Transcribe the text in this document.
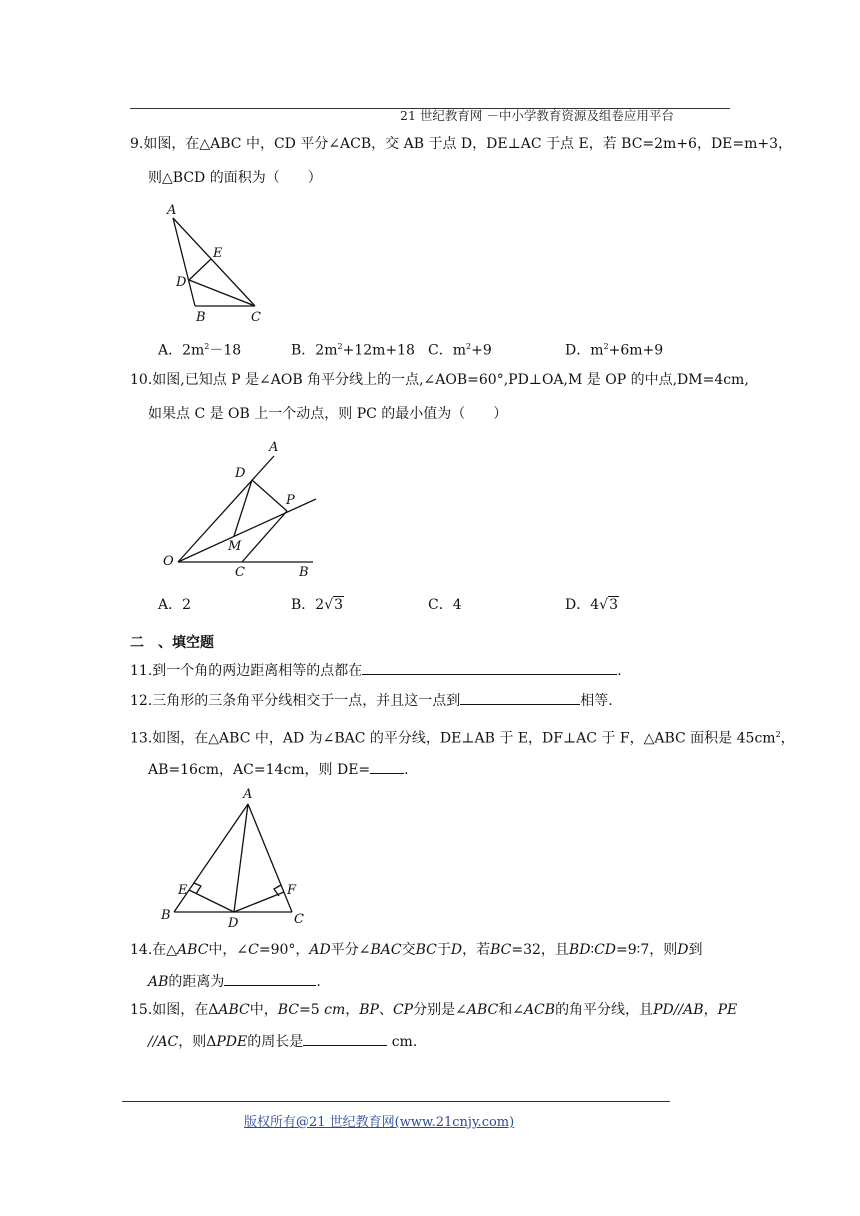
21 世纪教育网 －中小学教育资源及组卷应用平台
9.如图，在△ABC 中，CD 平分∠ACB，交 AB 于点 D，DE⊥AC 于点 E，若 BC=2m+6，DE=m+3，
则△BCD 的面积为（　　）
A
E
D
B	C
A．$2m^2-18$	B．$2m^2+12m+18$ C．$m^2+9$	D．$m^2+6m+9$
10.如图,已知点 P 是∠AOB 角平分线上的一点,∠AOB=60°,PD⊥OA,M 是 OP 的中点,DM=4cm,
如果点 C 是 OB 上一个动点，则 PC 的最小值为（　　）
A
D
P
M
O
C	B
A．2	B．2√3	C．4	D．4√3
二　、填空题
11.到一个角的两边距离相等的点都在	.
12.三角形的三条角平分线相交于一点，并且这一点到	相等.
13.如图，在△ABC 中，AD 为∠BAC 的平分线，DE⊥AB 于 E，DF⊥AC 于 F，△ABC 面积是 $45cm^2$，
AB=16cm，AC=14cm，则 DE= .
A
E	F
B
D	C
14.在△ABC中，∠C=90°，AD平分∠BAC交BC于D，若BC=32，且BD∶CD=9∶7，则D到
AB的距离为	.
15.如图，在ΔABC中，BC=5 cm，BP、CP分别是∠ABC和∠ACB的角平分线，且PD//AB，PE
//AC，则ΔPDE的周长是	cm.
版权所有@21 世纪教育网(www.21cnjy.com)
